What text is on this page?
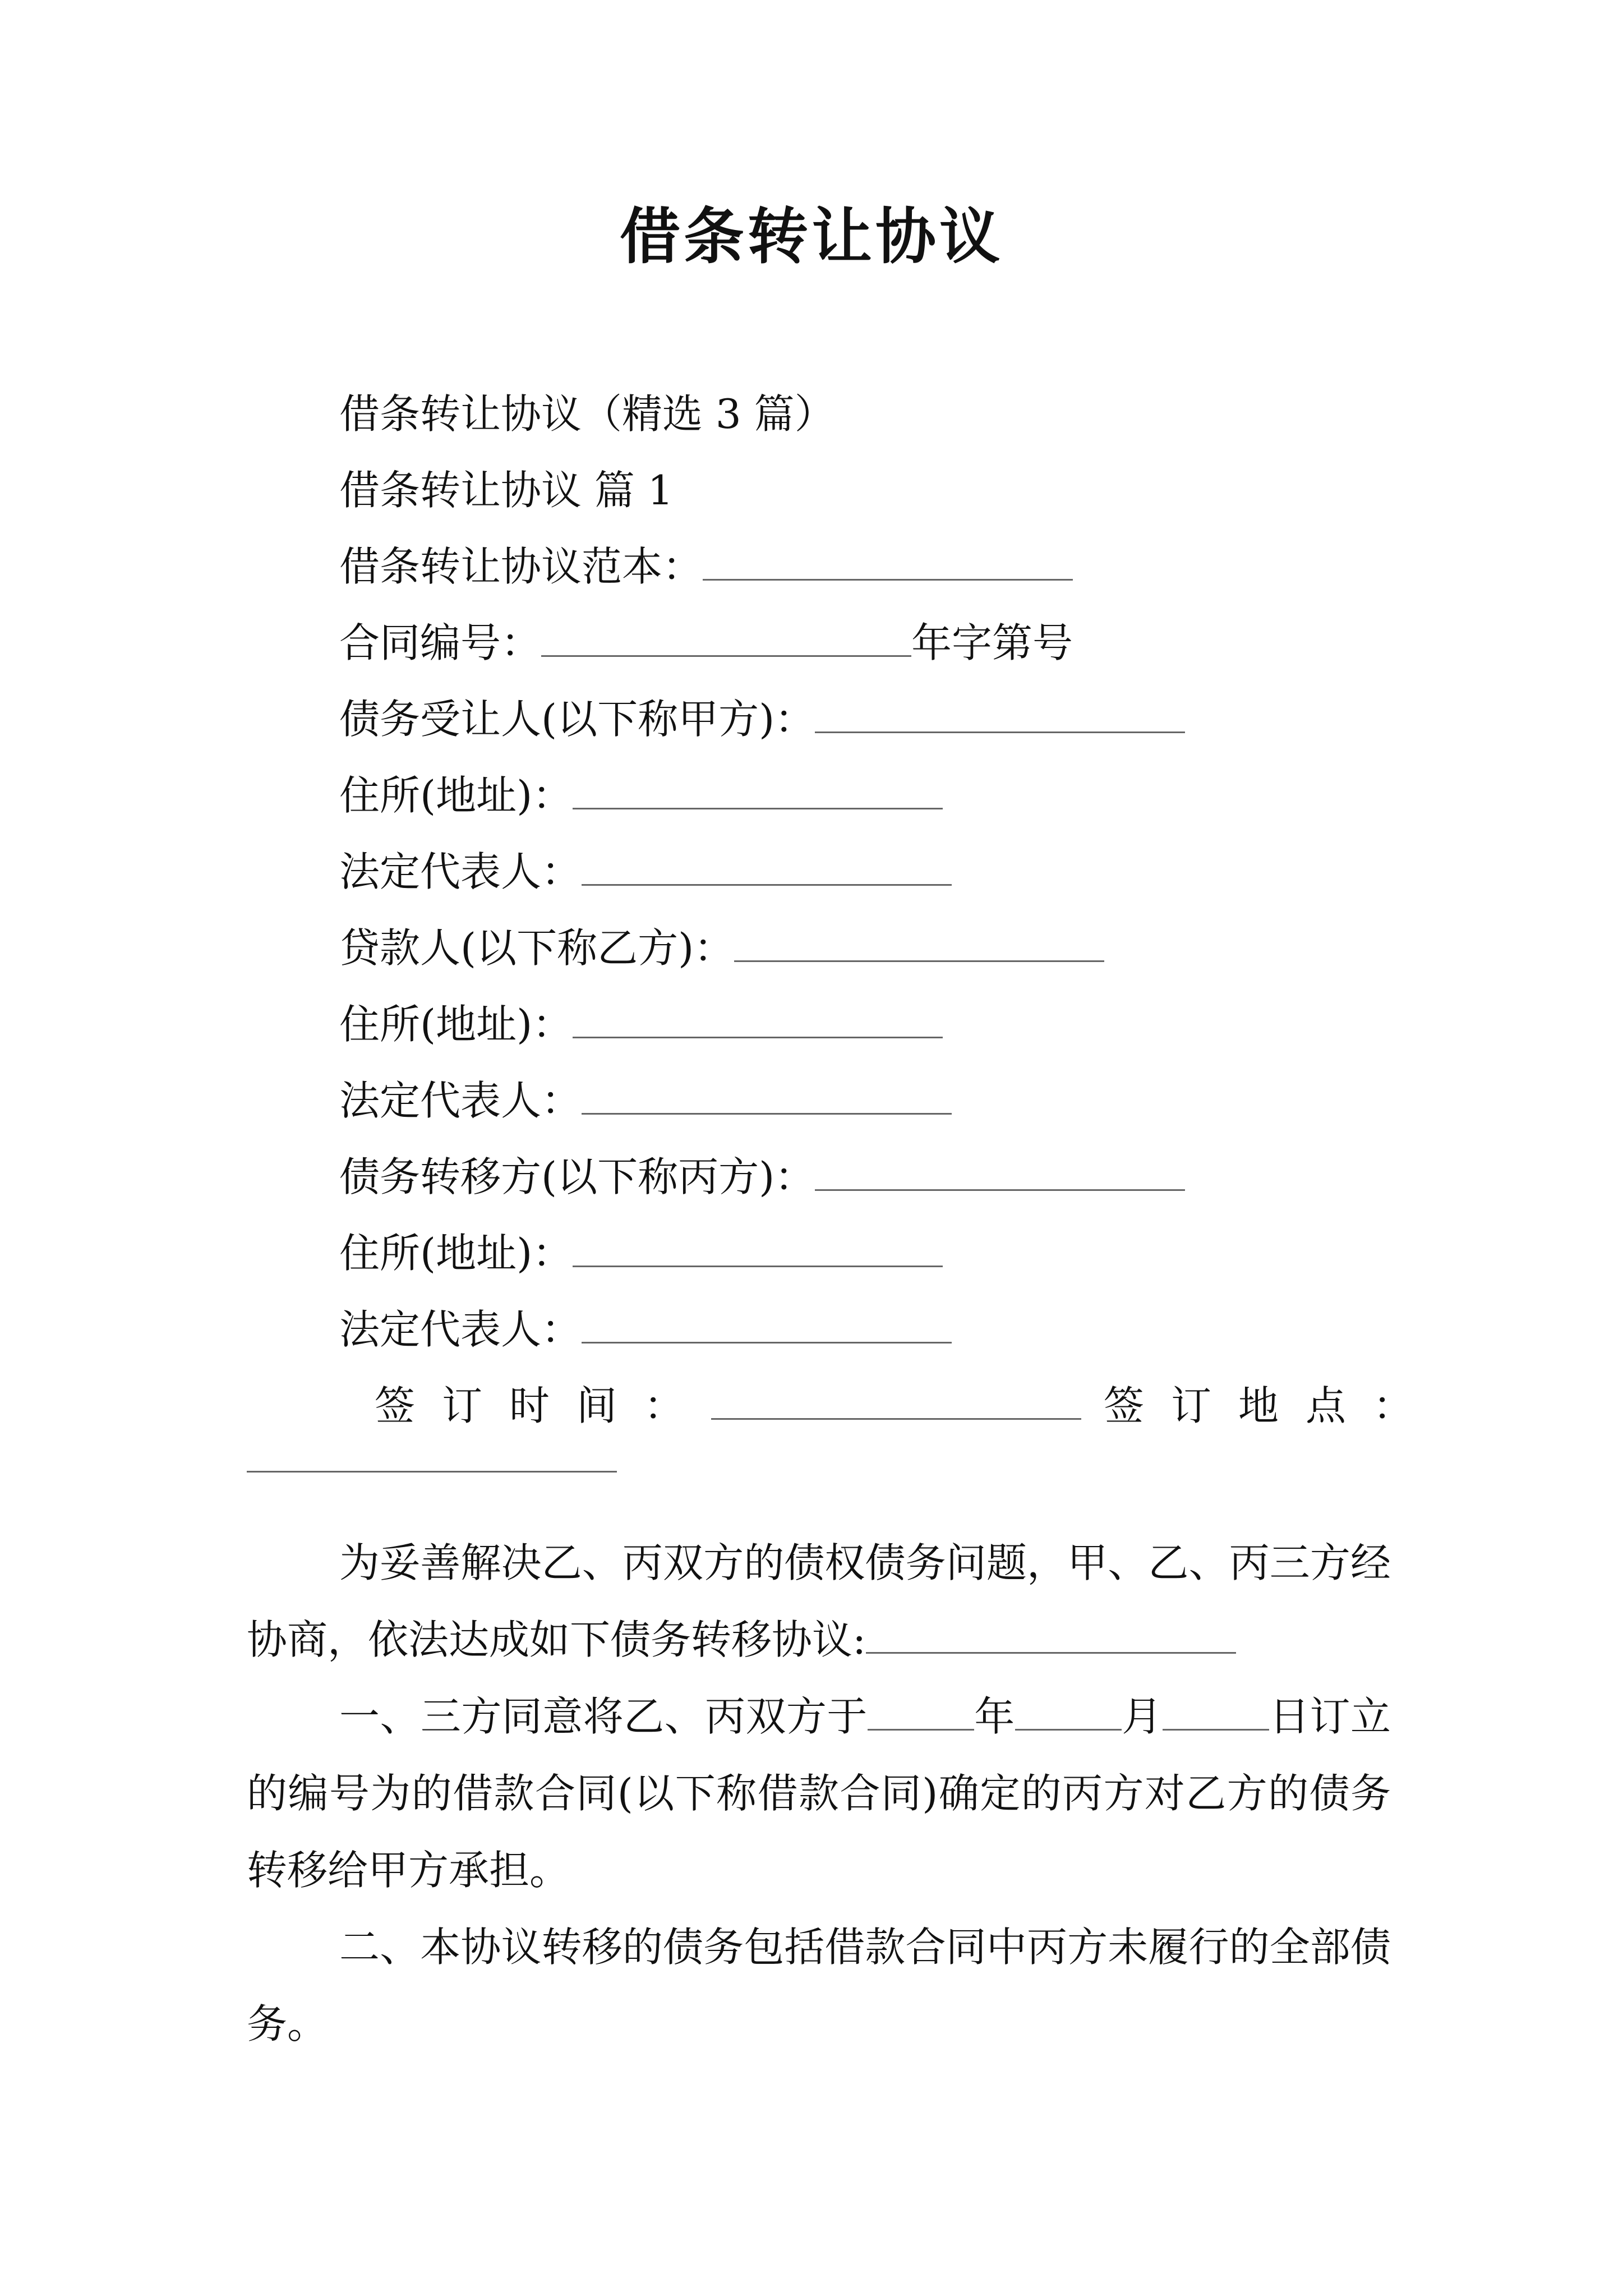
借条转让协议
借条转让协议（精选 3 篇）
借条转让协议 篇 1
借条转让协议范本：
合同编号：	年字第号
债务受让人(以下称甲方)：
住所(地址)：
法定代表人：
贷款人(以下称乙方)：
住所(地址)：
法定代表人：
债务转移方(以下称丙方)：
住所(地址)：
法定代表人：
签订时间：	签订地点：
为妥善解决乙、丙双方的债权债务问题，甲、乙、丙三方经协商，依法达成如下债务转移协议:
一、三方同意将乙、丙双方于	年	月	日订立的编号为的借款合同(以下称借款合同)确定的丙方对乙方的债务转移给甲方承担。
二、本协议转移的债务包括借款合同中丙方未履行的全部债务。
